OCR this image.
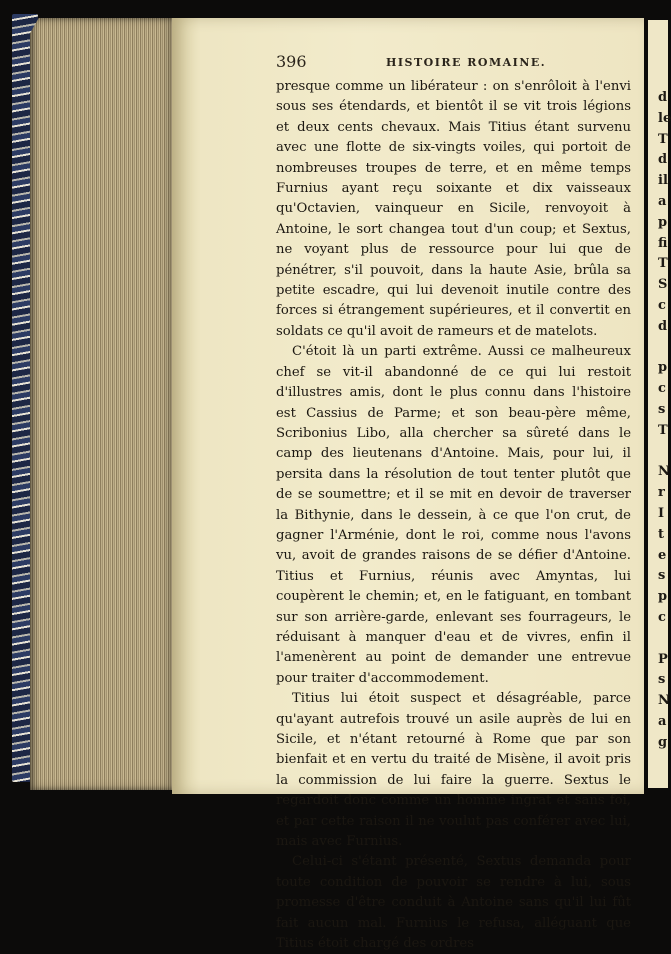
396	HISTOIRE ROMAINE.

presque comme un libérateur : on s'enrôloit à l'envi sous ses étendards, et bientôt il se vit trois légions et deux cents chevaux. Mais Titius étant survenu avec une flotte de six-vingts voiles, qui portoit de nombreuses troupes de terre, et en même temps Furnius ayant reçu soixante et dix vaisseaux qu'Octavien, vainqueur en Sicile, renvoyoit à Antoine, le sort changea tout d'un coup; et Sextus, ne voyant plus de ressource pour lui que de pénétrer, s'il pouvoit, dans la haute Asie, brûla sa petite escadre, qui lui devenoit inutile contre des forces si étrangement supérieures, et il convertit en soldats ce qu'il avoit de rameurs et de matelots.

C'étoit là un parti extrême. Aussi ce malheureux chef se vit-il abandonné de ce qui lui restoit d'illustres amis, dont le plus connu dans l'histoire est Cassius de Parme; et son beau-père même, Scribonius Libo, alla chercher sa sûreté dans le camp des lieutenans d'Antoine. Mais, pour lui, il persita dans la résolution de tout tenter plutôt que de se soumettre; et il se mit en devoir de traverser la Bithynie, dans le dessein, à ce que l'on crut, de gagner l'Arménie, dont le roi, comme nous l'avons vu, avoit de grandes raisons de se défier d'Antoine. Titius et Furnius, réunis avec Amyntas, lui coupèrent le chemin; et, en le fatiguant, en tombant sur son arrière-garde, enlevant ses fourrageurs, le réduisant à manquer d'eau et de vivres, enfin il l'amenèrent au point de demander une entrevue pour traiter d'accommodement.

Titius lui étoit suspect et désagréable, parce qu'ayant autrefois trouvé un asile auprès de lui en Sicile, et n'étant retourné à Rome que par son bienfait et en vertu du traité de Misène, il avoit pris la commission de lui faire la guerre. Sextus le regardoit donc comme un homme ingrat et sans foi, et par cette raison il ne voulut pas conférer avec lui, mais avec Furnius.

Celui-ci s'étant présenté, Sextus demanda pour toute condition de pouvoir se rendre à lui, sous promesse d'être conduit à Antoine sans qu'il lui fût fait aucun mal. Furnius le refusa, alléguant que Titius étoit chargé des ordres

d
le
T
d
il
a
p
fi
T
S
c
d

p
c
s
T

N
r
I
t
e
s
p
c

P
s
N
a
g
